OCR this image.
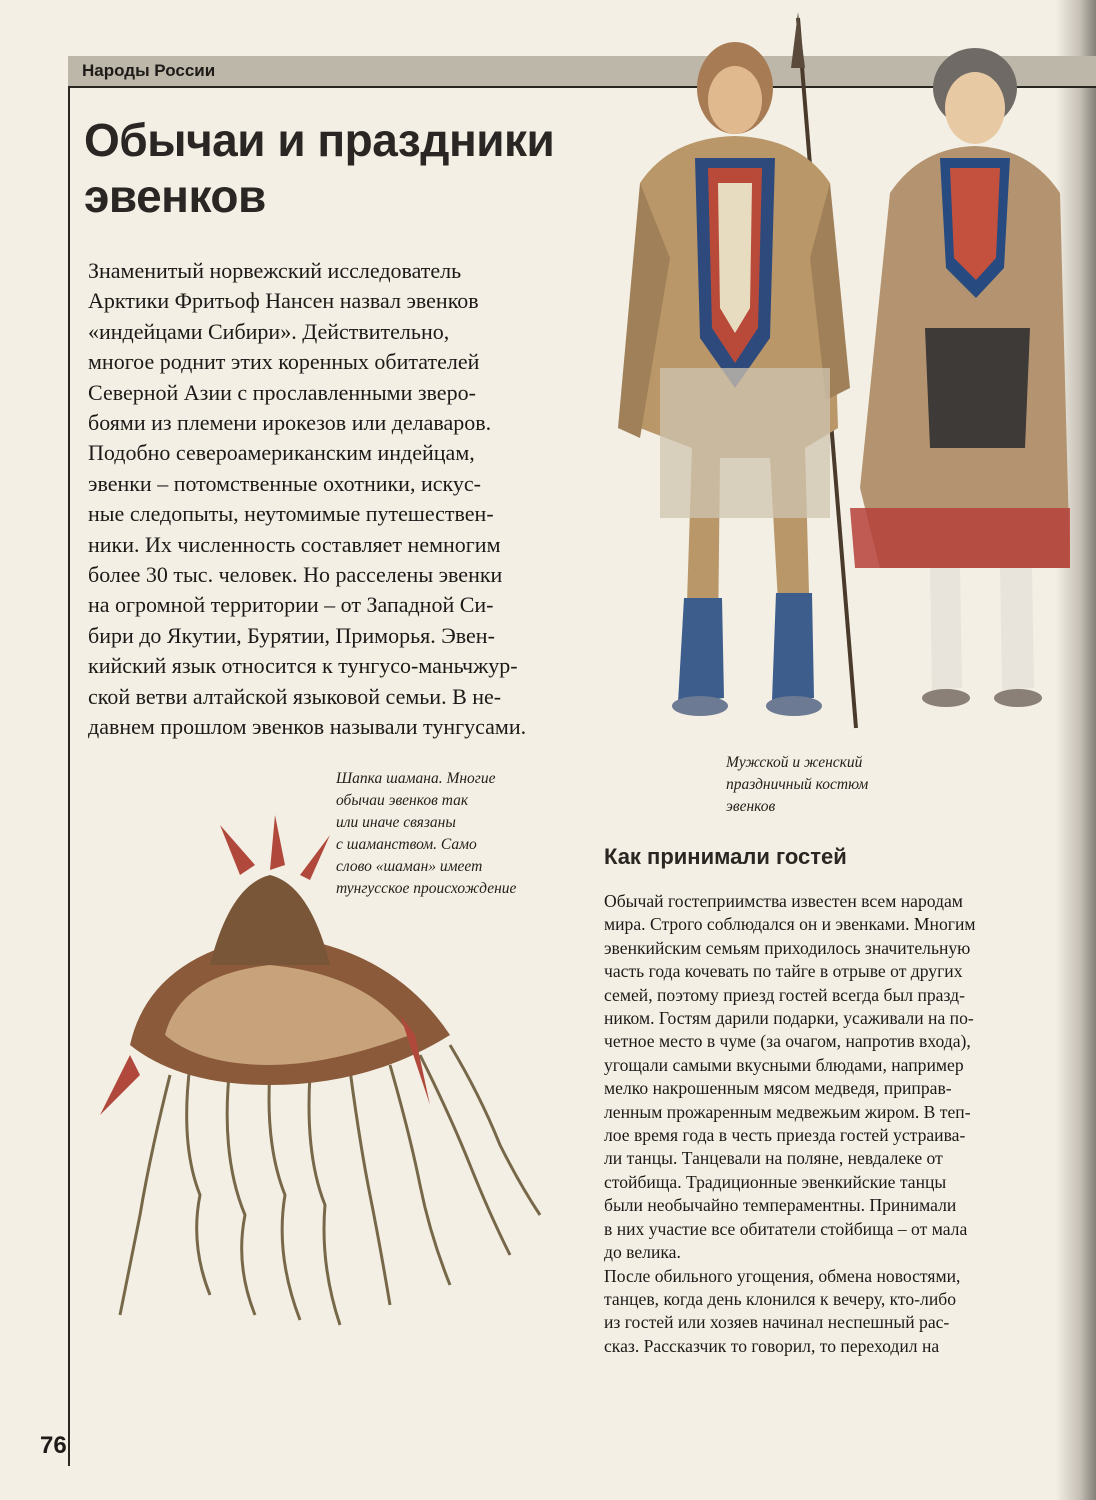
Народы России
Обычаи и праздники
эвенков
Знаменитый норвежский исследователь
Арктики Фритьоф Нансен назвал эвенков
«индейцами Сибири». Действительно,
многое роднит этих коренных обитателей
Северной Азии с прославленными зверо-
боями из племени ирокезов или делаваров.
Подобно североамериканским индейцам,
эвенки – потомственные охотники, искус-
ные следопыты, неутомимые путешествен-
ники. Их численность составляет немногим
более 30 тыс. человек. Но расселены эвенки
на огромной территории – от Западной Си-
бири до Якутии, Бурятии, Приморья. Эвен-
кийский язык относится к тунгусо-маньчжур-
ской ветви алтайской языковой семьи. В не-
давнем прошлом эвенков называли тунгусами.
Мужской и женский
праздничный костюм
эвенков
Шапка шамана. Многие
обычаи эвенков так
или иначе связаны
с шаманством. Само
слово «шаман» имеет
тунгусское происхождение
Как принимали гостей
Обычай гостеприимства известен всем народам
мира. Строго соблюдался он и эвенками. Многим
эвенкийским семьям приходилось значительную
часть года кочевать по тайге в отрыве от других
семей, поэтому приезд гостей всегда был празд-
ником. Гостям дарили подарки, усаживали на по-
четное место в чуме (за очагом, напротив входа),
угощали самыми вкусными блюдами, например
мелко накрошенным мясом медведя, приправ-
ленным прожаренным медвежьим жиром. В теп-
лое время года в честь приезда гостей устраива-
ли танцы. Танцевали на поляне, невдалеке от
стойбища. Традиционные эвенкийские танцы
были необычайно темпераментны. Принимали
в них участие все обитатели стойбища – от мала
до велика.
После обильного угощения, обмена новостями,
танцев, когда день клонился к вечеру, кто-либо
из гостей или хозяев начинал неспешный рас-
сказ. Рассказчик то говорил, то переходил на
76
